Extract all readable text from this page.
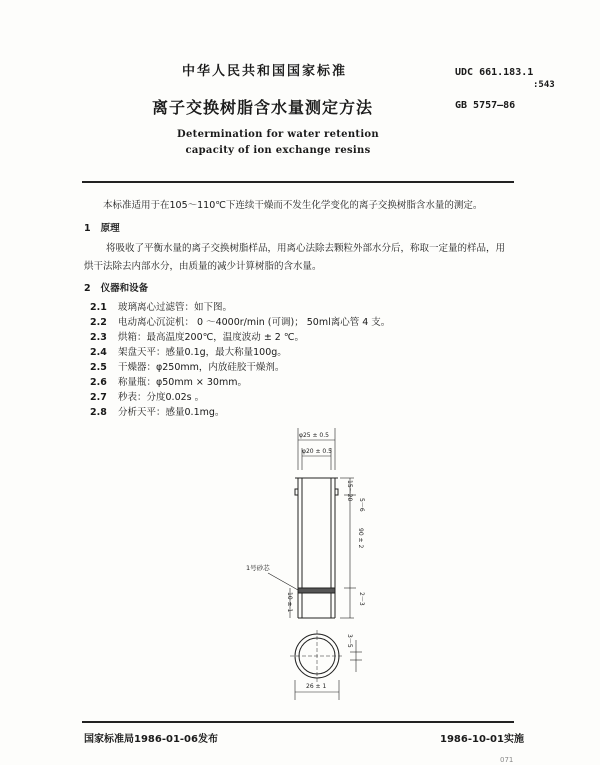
中华人民共和国国家标准	UDC 661.183.1
:543
离子交换树脂含水量测定方法	GB 5757—86
Determination for water retention
capacity of ion exchange resins
本标准适用于在105～110℃下连续干燥而不发生化学变化的离子交换树脂含水量的测定。
1 原理
将吸收了平衡水量的离子交换树脂样品，用离心法除去颗粒外部水分后，称取一定量的样品，用烘干法除去内部水分，由质量的减少计算树脂的含水量。
2 仪器和设备
2.1 玻璃离心过滤管：如下图。
2.2 电动离心沉淀机： 0 ～4000r/min (可调)； 50ml离心管 4 支。
2.3 烘箱：最高温度200℃，温度波动 ± 2 ℃。
2.4 架盘天平：感量0.1g，最大称量100g。
2.5 干燥器：φ250mm，内放硅胶干燥剂。
2.6 称量瓶：φ50mm × 30mm。
2.7 秒表：分度0.02s 。
2.8 分析天平：感量0.1mg。
φ25 ± 0.5
φ20 ± 0.5
1号砂芯
26 ± 1
15～20
5～6
90 ± 2
10 ± 1	2～3
3～5
国家标准局1986-01-06发布	1986-10-01实施
071
